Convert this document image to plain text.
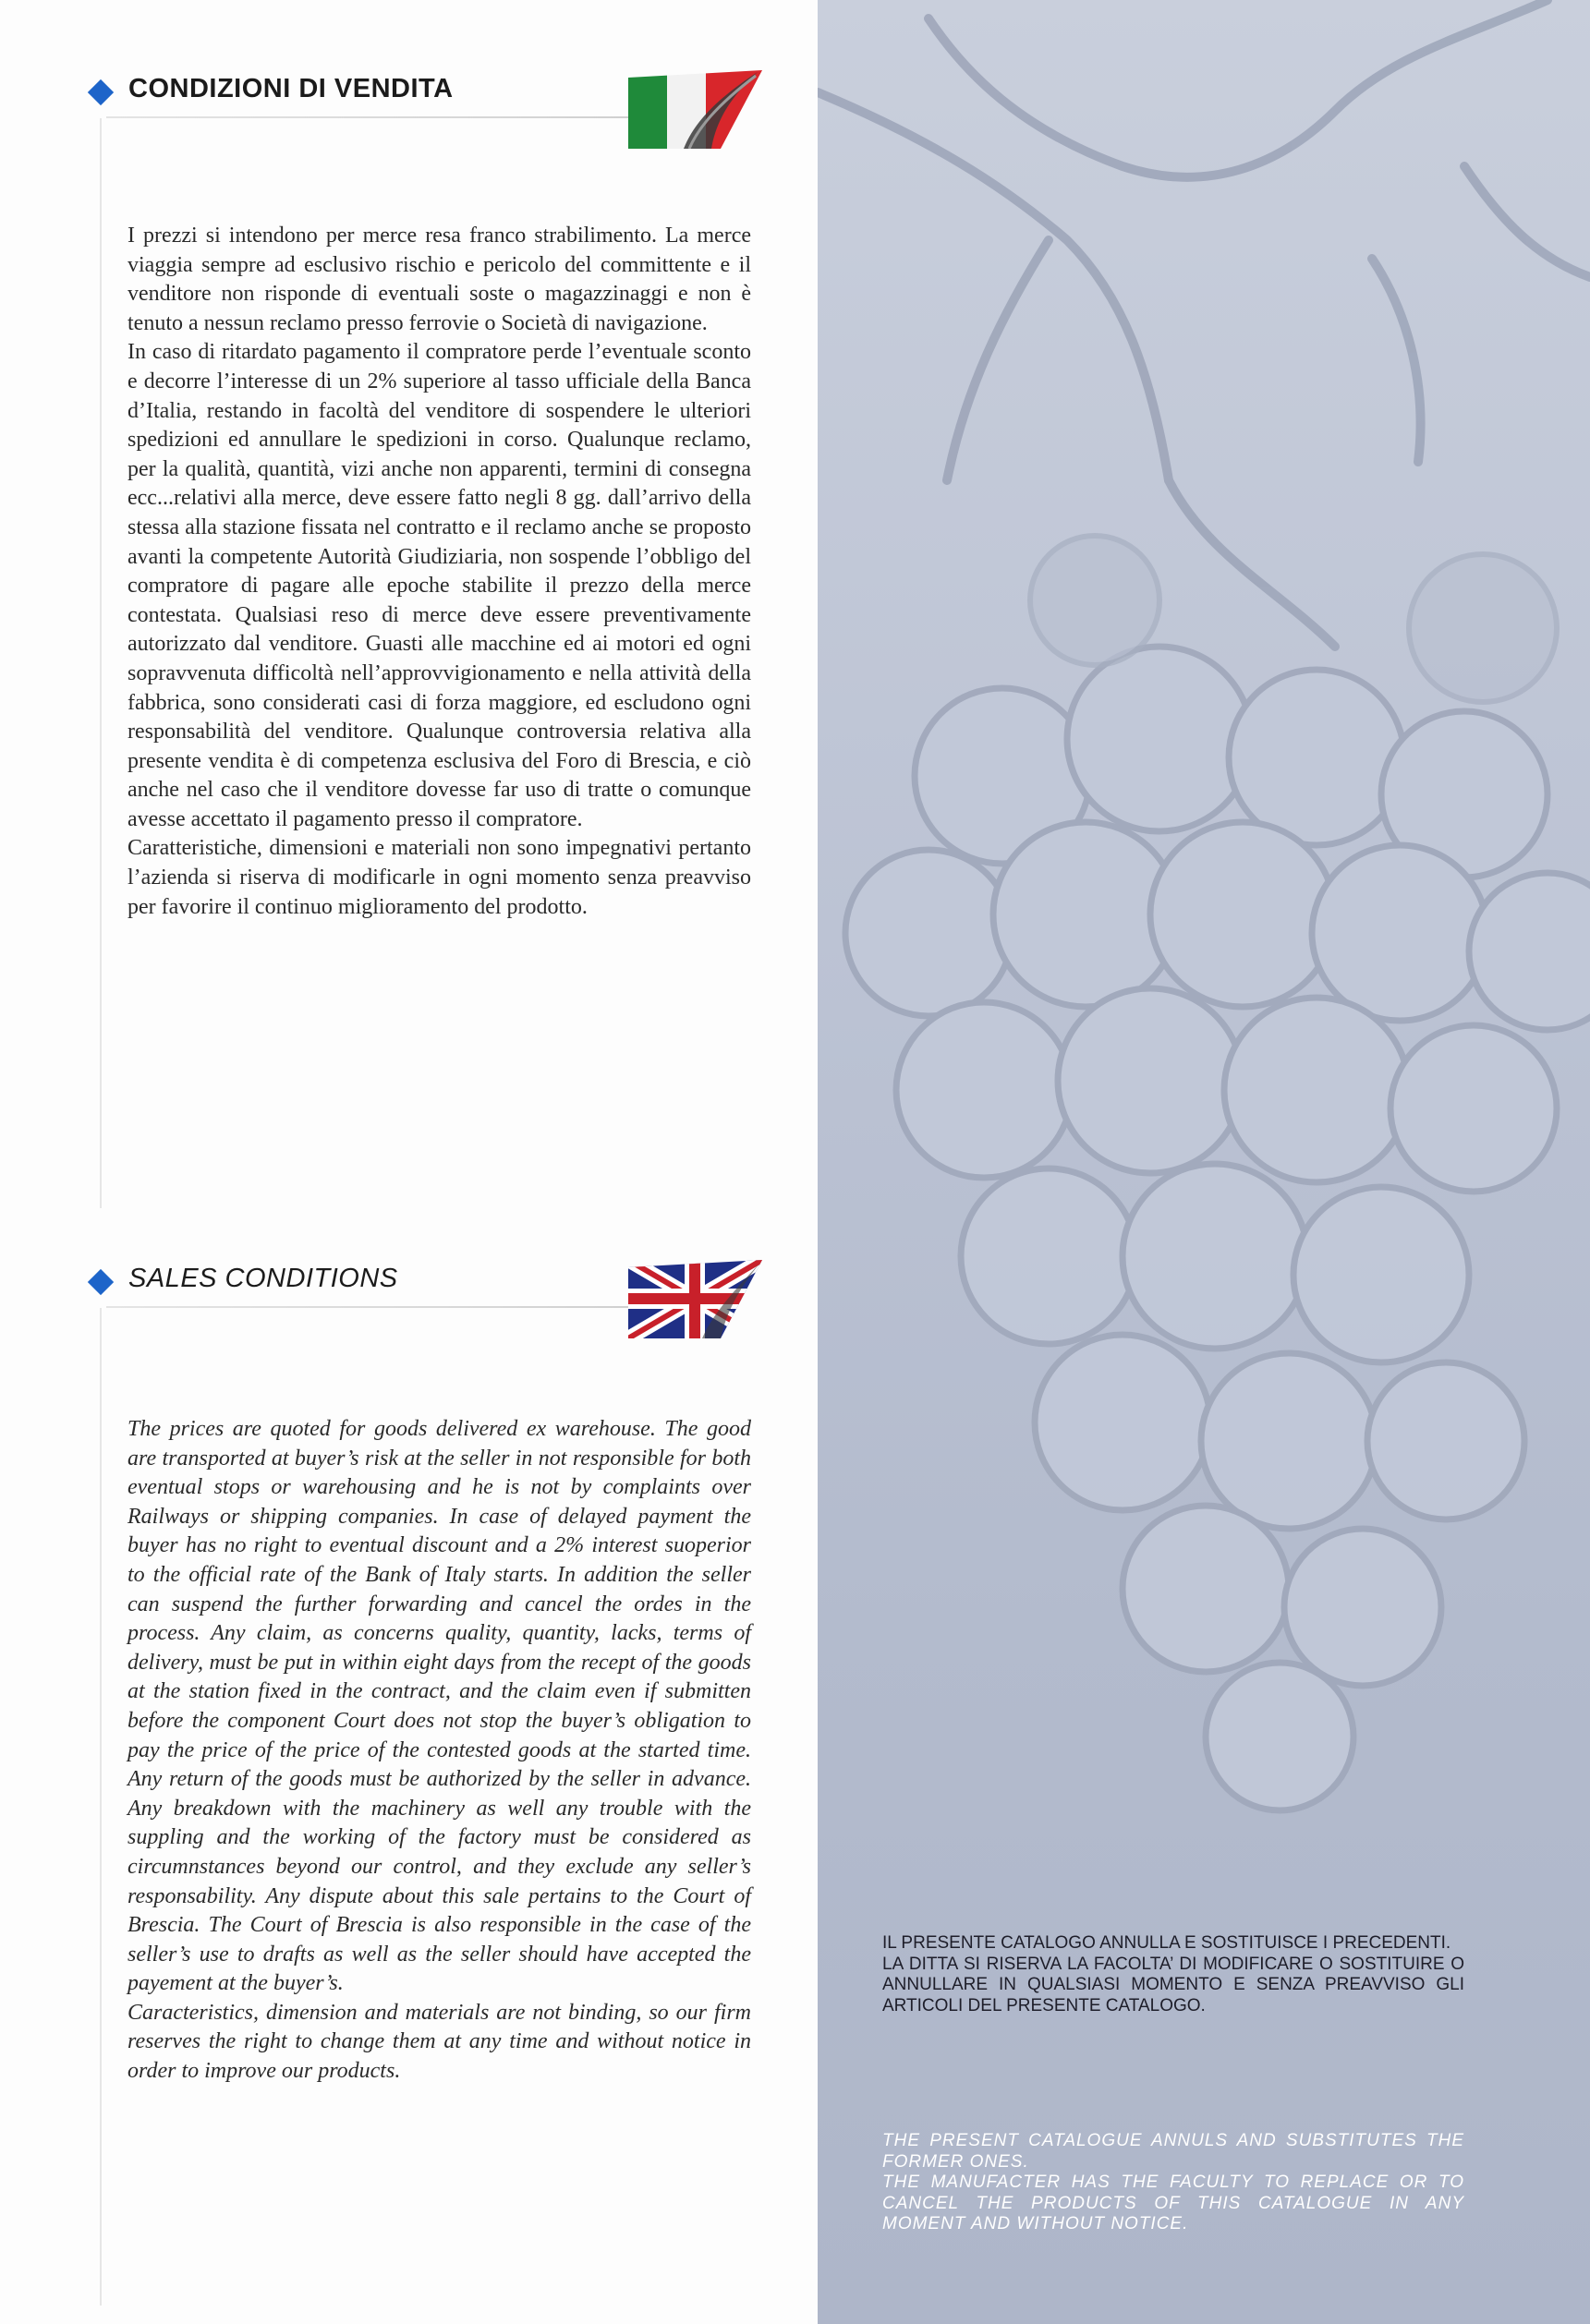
CONDIZIONI DI VENDITA

I prezzi si intendono per merce resa franco strabilimento. La merce viaggia sempre ad esclusivo rischio e pericolo del committente e il venditore non risponde di eventuali soste o magazzinaggi e non è tenuto a nessun reclamo presso ferrovie o Società di navigazione.

In caso di ritardato pagamento il compratore perde l’eventuale sconto e decorre l’interesse di un 2% superiore al tasso ufficiale della Banca d’Italia, restando in facoltà del venditore di sospendere le ulteriori spedizioni ed annullare le spedizioni in corso. Qualunque reclamo, per la qualità, quantità, vizi anche non apparenti, termini di consegna ecc...relativi alla merce, deve essere fatto negli 8 gg. dall’arrivo della stessa alla stazione fissata nel contratto e il reclamo anche se proposto avanti la competente Autorità Giudiziaria, non sospende l’obbligo del compratore di pagare alle epoche stabilite il prezzo della merce contestata. Qualsiasi reso di merce deve essere preventivamente autorizzato dal venditore. Guasti alle macchine ed ai motori ed ogni sopravvenuta difficoltà nell’approvvigionamento e nella attività della fabbrica, sono considerati casi di forza maggiore, ed escludono ogni responsabilità del venditore. Qualunque controversia relativa alla presente vendita è di competenza esclusiva del Foro di Brescia, e ciò anche nel caso che il venditore dovesse far uso di tratte o comunque avesse accettato il pagamento presso il compratore.

Caratteristiche, dimensioni e materiali non sono impegnativi pertanto l’azienda si riserva di modificarle in ogni momento senza preavviso per favorire il continuo miglioramento del prodotto.

SALES CONDITIONS

The prices are quoted for goods delivered ex warehouse. The good are transported at buyer’s risk at the seller in not responsible for both eventual stops or warehousing and he is not by complaints over Railways or shipping companies. In case of delayed payment the buyer has no right to eventual discount and a 2% interest suoperior to the official rate of the Bank of Italy starts. In addition the seller can suspend the further forwarding and cancel the ordes in the process. Any claim, as concerns quality, quantity, lacks, terms of delivery, must be put in within eight days from the recept of the goods at the station fixed in the contract, and the claim even if submitten before the component Court does not stop the buyer’s obligation to pay the price of the price of the contested goods at the started time. Any return of the goods must be authorized by the seller in advance. Any breakdown with the machinery as well any trouble with the suppling and the working of the factory must be considered as circumnstances beyond our control, and they exclude any seller’s responsability. Any dispute about this sale pertains to the Court of Brescia. The Court of Brescia is also responsible in the case of the seller’s use to drafts as well as the seller should have accepted the payement at the buyer’s.

Caracteristics, dimension and materials are not binding, so our firm reserves the right to change them at any time and without notice in order to improve our products.

IL PRESENTE CATALOGO ANNULLA E SOSTITUISCE I PRECEDENTI.

LA DITTA SI RISERVA LA FACOLTA’ DI MODIFICARE O SOSTITUIRE O ANNULLARE IN QUALSIASI MOMENTO E SENZA PREAVVISO GLI ARTICOLI DEL PRESENTE CATALOGO.

THE PRESENT CATALOGUE ANNULS AND SUBSTITUTES THE FORMER ONES.

THE MANUFACTER HAS THE FACULTY TO REPLACE OR TO CANCEL THE PRODUCTS OF THIS CATALOGUE IN ANY MOMENT AND WITHOUT NOTICE.
